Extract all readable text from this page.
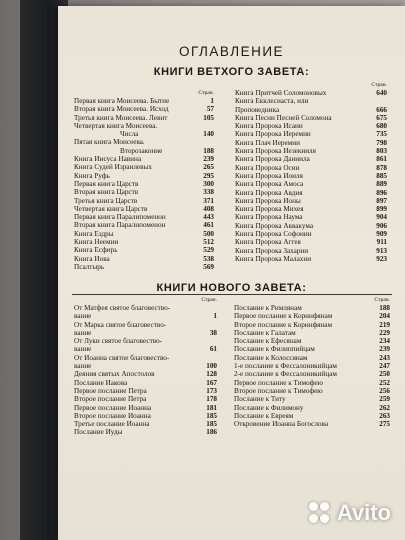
ОГЛАВЛЕНИЕ
КНИГИ ВЕТХОГО ЗАВЕТА:
Стран.
Первая книга Моисеева. Бытие	1
Вторая книга Моисеева. Исход	57
Третья книга Моисеева. Левит	105
Четвертая книга Моисеева.
Числа	140
Пятая книга Моисеева.
Второзаконие	188
Книга Иисуса Навина	239
Книга Судей Израилевых	265
Книга Руфь	295
Первая книга Царств	300
Вторая книга Царств	338
Третья книга Царств	371
Четвертая книга Царств	408
Первая книга Паралипоменон	443
Вторая книга Паралипоменон	461
Книга Ездры	500
Книга Неемии	512
Книга Есфирь	529
Книга Иова	538
Псалтырь	569
Стран.
Книга Притчей Соломоновых	640
Книга Екклесиаста, или
Проповедника	666
Книга Песни Песней Соломона	675
Книга Пророка Исаии	680
Книга Пророка Иеремии	735
Книга Плач Иеремии	798
Книга Пророка Иезекииля	803
Книга Пророка Даниила	861
Книга Пророка Осии	878
Книга Пророка Иоиля	885
Книга Пророка Амоса	889
Книга Пророка Авдия	896
Книга Пророка Ионы	897
Книга Пророка Михея	899
Книга Пророка Наума	904
Книга Пророка Аввакума	906
Книга Пророка Софонии	909
Книга Пророка Аггея	911
Книга Пророка Захарии	913
Книга Пророка Малахии	923
КНИГИ НОВОГО ЗАВЕТА:
Стран.
От Матфея святое благовество-
вание	1
От Марка святое благовество-
вание	38
От Луки святое благовество-
вание	61
От Иоанна святое благовество-
вание	100
Деяния святых Апостолов	128
Послание Иакова	167
Первое послание Петра	173
Второе послание Петра	178
Первое послание Иоанна	181
Второе послание Иоанна	185
Третье послание Иоанна	185
Послание Иуды	186
Стран.
Послание к Римлянам	188
Первое послание к Коринфянам	204
Второе послание к Коринфянам	219
Послание к Галатам	229
Послание к Ефесянам	234
Послание к Филиппийцам	239
Послание к Колоссянам	243
1-е послание к Фессалоникийцам	247
2-е послание к Фессалоникийцам	250
Первое послание к Тимофею	252
Второе послание к Тимофею	256
Послание к Титу	259
Послание к Филимону	262
Послание к Евреям	263
Откровение Иоанна Богослова	275
Avito
